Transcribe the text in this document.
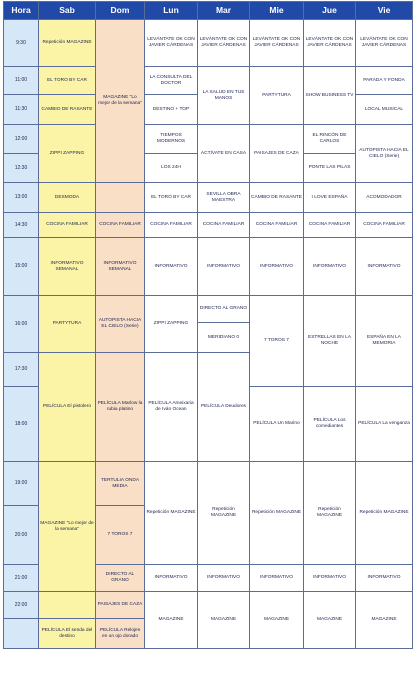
Hora	Sab	Dom	Lun	Mar	Mie	Jue	Vie
9:30	Repetición MAGAZINE	MAGAZINE "Lo mejor de la semana"	LEVÁNTATE OK CON JAVIER CÁRDENAS	LEVÁNTATE OK CON JAVIER CÁRDENAS	LEVÁNTATE OK CON JAVIER CÁRDENAS	LEVÁNTATE OK CON JAVIER CÁRDENAS	LEVÁNTATE OK CON JAVIER CÁRDENAS
11:00	EL TORO BY CAR		LA CONSULTA DEL DOCTOR	LA SALUD EN TUS MANOS	PARTYTURA	SHOW BUSINESS TV	PARADA Y FONDA
11:30	CAMBIO DE RASANTE		DESTINO + TOP				LOCAL MUSICAL
12:00	ZIPPI ZAPPING		TIEMPOS MODERNOS	ACTÍVATE EN CASA	PAISAJES DE CAZA	EL RINCÓN DE CARLOS	AUTOPISTA HACIA EL CIELO (Serie)
12:30			LOS 24H			PONTE LAS PILAS	
13:00	DESMODA		EL TORO BY CAR	SEVILLA OBRA MAESTRA	CAMBIO DE RASANTE	I LOVE ESPAÑA	ACOMODADOR
14:30	COCINA FAMILIAR	COCINA FAMILIAR	COCINA FAMILIAR	COCINA FAMILIAR	COCINA FAMILIAR	COCINA FAMILIAR	COCINA FAMILIAR
15:00	INFORMATIVO SEMANAL	INFORMATIVO SEMANAL	INFORMATIVO	INFORMATIVO	INFORMATIVO	INFORMATIVO	INFORMATIVO
16:00	PARTYTURA	AUTOPISTA HACIA EL CIELO (Serie)	ZIPPI ZAPPING	DIRECTO AL GRANO	7 TOROS 7	ESTRELLAS EN LA NOCHE	ESPAÑA EN LA MEMORIA
				MERIDIANO 0			
17:30	PELÍCULA El pistolero	PELÍCULA Marlow la rubia platino	PELÍCULA Ameixaria de Iván Ocean	PELÍCULA Deudores			
18:00					PELÍCULA Un Marino	PELÍCULA Los comediantes	PELÍCULA La venganza

19:00	MAGAZINE "Lo mejor de la semana"	TERTULIA ONDA MEDIA	Repetición MAGAZINE	Repetición MAGAZINE	Repetición MAGAZINE	Repetición MAGAZINE	Repetición MAGAZINE
20:00		7 TOROS 7					
21:00		DIRECTO AL GRANO	INFORMATIVO	INFORMATIVO	INFORMATIVO	INFORMATIVO	INFORMATIVO
22:00		PAISAJES DE CAZA	MAGAZINE	MAGAZINE	MAGAZINE	MAGAZINE	MAGAZINE
	PELÍCULA El senda del destino	PELÍCULA Relojes en un ojo dorado					
